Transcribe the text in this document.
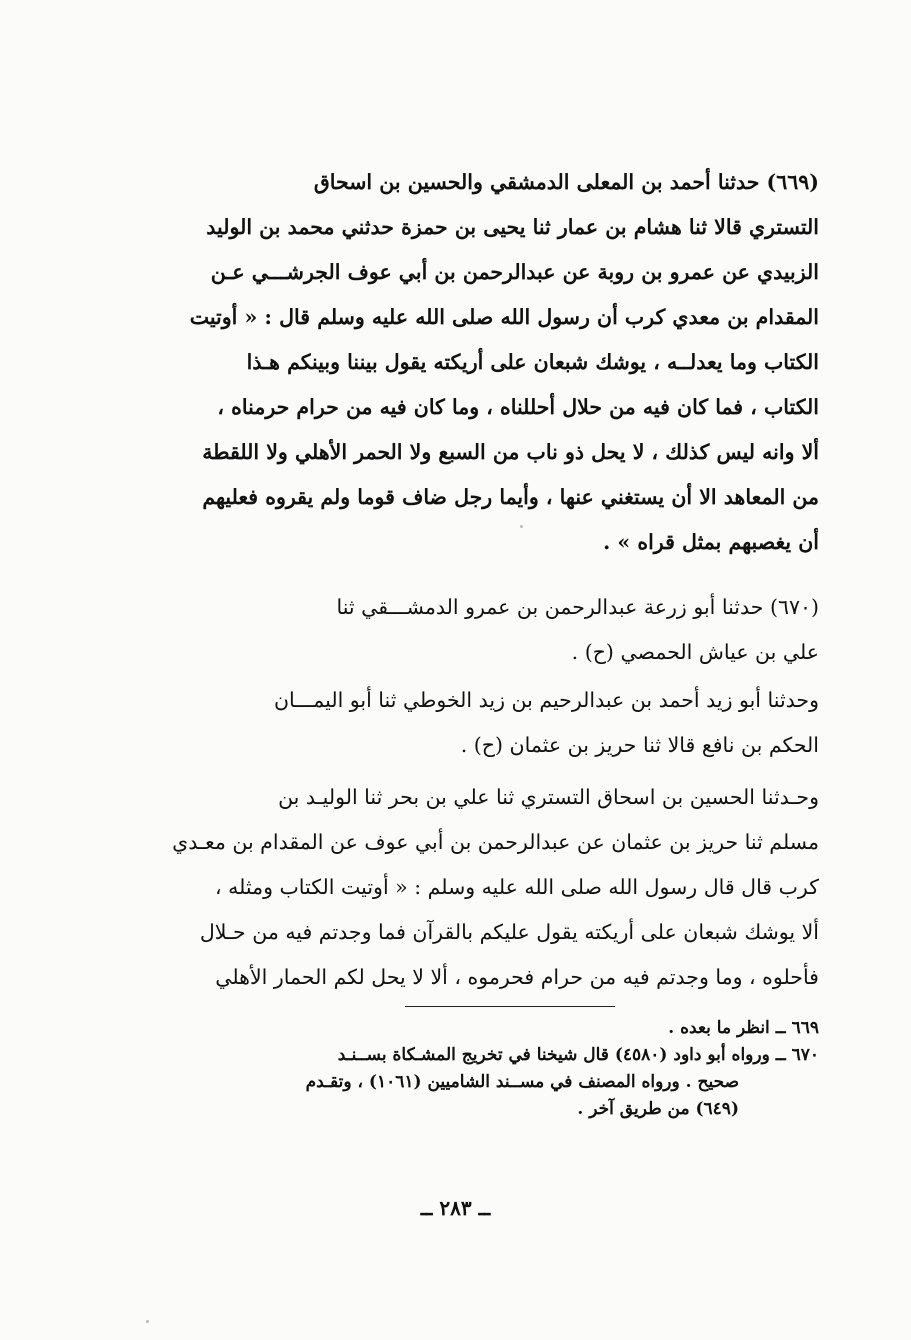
(٦٦٩) حدثنا أحمد بن المعلى الدمشقي والحسين بن اسحاق
التستري قالا ثنا هشام بن عمار ثنا يحيى بن حمزة حدثني محمد بن الوليد
الزبيدي عن عمرو بن روبة عن عبدالرحمن بن أبي عوف الجرشـــي عـن
المقدام بن معدي كرب أن رسول الله صلى الله عليه وسلم قال : « أوتيت
الكتاب وما يعدلــه ، يوشك شبعان على أريكته يقول بيننا وبينكم هـذا
الكتاب ، فما كان فيه من حلال أحللناه ، وما كان فيه من حرام حرمناه ،
ألا وانه ليس كذلك ، لا يحل ذو ناب من السبع ولا الحمر الأهلي ولا اللقطة
من المعاهد الا أن يستغني عنها ، وأيما رجل ضاف قوما ولم يقروه فعليهم
أن يغصبهم بمثل قراه » .
(٦٧٠) حدثنا أبو زرعة عبدالرحمن بن عمرو الدمشـــقي ثنا
علي بن عياش الحمصي (ح) .
وحدثنا أبو زيد أحمد بن عبدالرحيم بن زيد الخوطي ثنا أبو اليمـــان
الحكم بن نافع قالا ثنا حريز بن عثمان (ح) .
وحـدثنا الحسين بن اسحاق التستري ثنا علي بن بحر ثنا الوليـد بن
مسلم ثنا حريز بن عثمان عن عبدالرحمن بن أبي عوف عن المقدام بن معـدي
كرب قال قال رسول الله صلى الله عليه وسلم : « أوتيت الكتاب ومثله ،
ألا يوشك شبعان على أريكته يقول عليكم بالقرآن فما وجدتم فيه من حـلال
فأحلوه ، وما وجدتم فيه من حرام فحرموه ، ألا لا يحل لكم الحمار الأهلي
٦٦٩ ــ انظر ما بعده .
٦٧٠ ــ ورواه أبو داود (٤٥٨٠) قال شيخنا في تخريج المشـكاة بســنـد
صحيح . ورواه المصنف في مســند الشاميين (١٠٦١) ، وتقـدم
(٦٤٩) من طريق آخر .
ــ ٢٨٣ ــ
